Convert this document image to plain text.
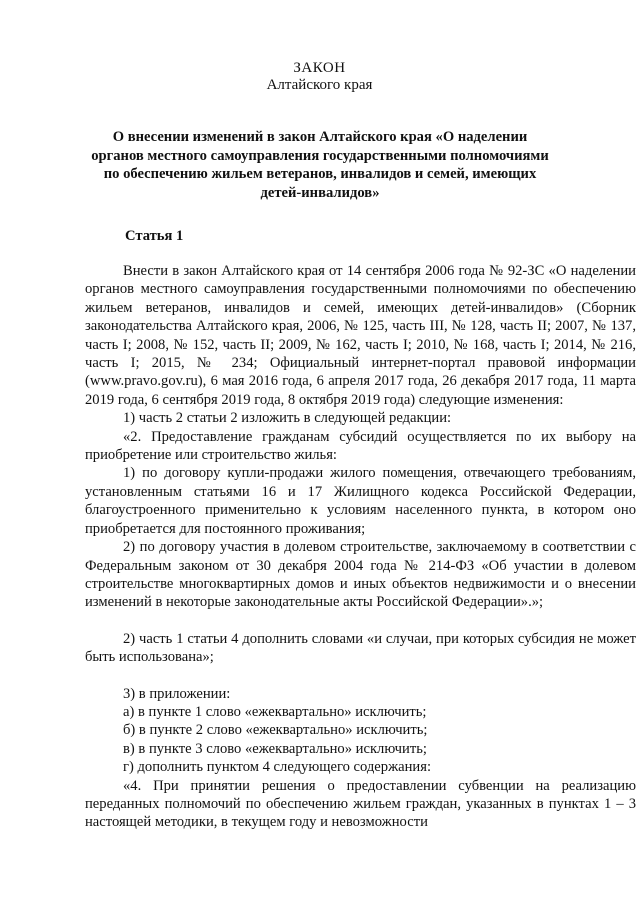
ЗАКОН
Алтайского края
О внесении изменений в закон Алтайского края «О наделении органов местного самоуправления государственными полномочиями по обеспечению жильем ветеранов, инвалидов и семей, имеющих детей-инвалидов»
Статья 1

Внести в закон Алтайского края от 14 сентября 2006 года № 92-ЗС «О наделении органов местного самоуправления государственными полномочиями по обеспечению жильем ветеранов, инвалидов и семей, имеющих детей-инвалидов» (Сборник законодательства Алтайского края, 2006, № 125, часть III, № 128, часть II; 2007, № 137, часть I; 2008, № 152, часть II; 2009, № 162, часть I; 2010, № 168, часть I; 2014, № 216, часть I; 2015, № 234; Официальный интернет-портал правовой информации (www.pravo.gov.ru), 6 мая 2016 года, 6 апреля 2017 года, 26 декабря 2017 года, 11 марта 2019 года, 6 сентября 2019 года, 8 октября 2019 года) следующие изменения:

1) часть 2 статьи 2 изложить в следующей редакции:

«2. Предоставление гражданам субсидий осуществляется по их выбору на приобретение или строительство жилья:

1) по договору купли-продажи жилого помещения, отвечающего требованиям, установленным статьями 16 и 17 Жилищного кодекса Российской Федерации, благоустроенного применительно к условиям населенного пункта, в котором оно приобретается для постоянного проживания;

2) по договору участия в долевом строительстве, заключаемому в соответствии с Федеральным законом от 30 декабря 2004 года № 214-ФЗ «Об участии в долевом строительстве многоквартирных домов и иных объектов недвижимости и о внесении изменений в некоторые законодательные акты Российской Федерации».»;

2) часть 1 статьи 4 дополнить словами «и случаи, при которых субсидия не может быть использована»;

3) в приложении:

а) в пункте 1 слово «ежеквартально» исключить;

б) в пункте 2 слово «ежеквартально» исключить;

в) в пункте 3 слово «ежеквартально» исключить;

г) дополнить пунктом 4 следующего содержания:

«4. При принятии решения о предоставлении субвенции на реализацию переданных полномочий по обеспечению жильем граждан, указанных в пунктах 1 – 3 настоящей методики, в текущем году и невозможности
